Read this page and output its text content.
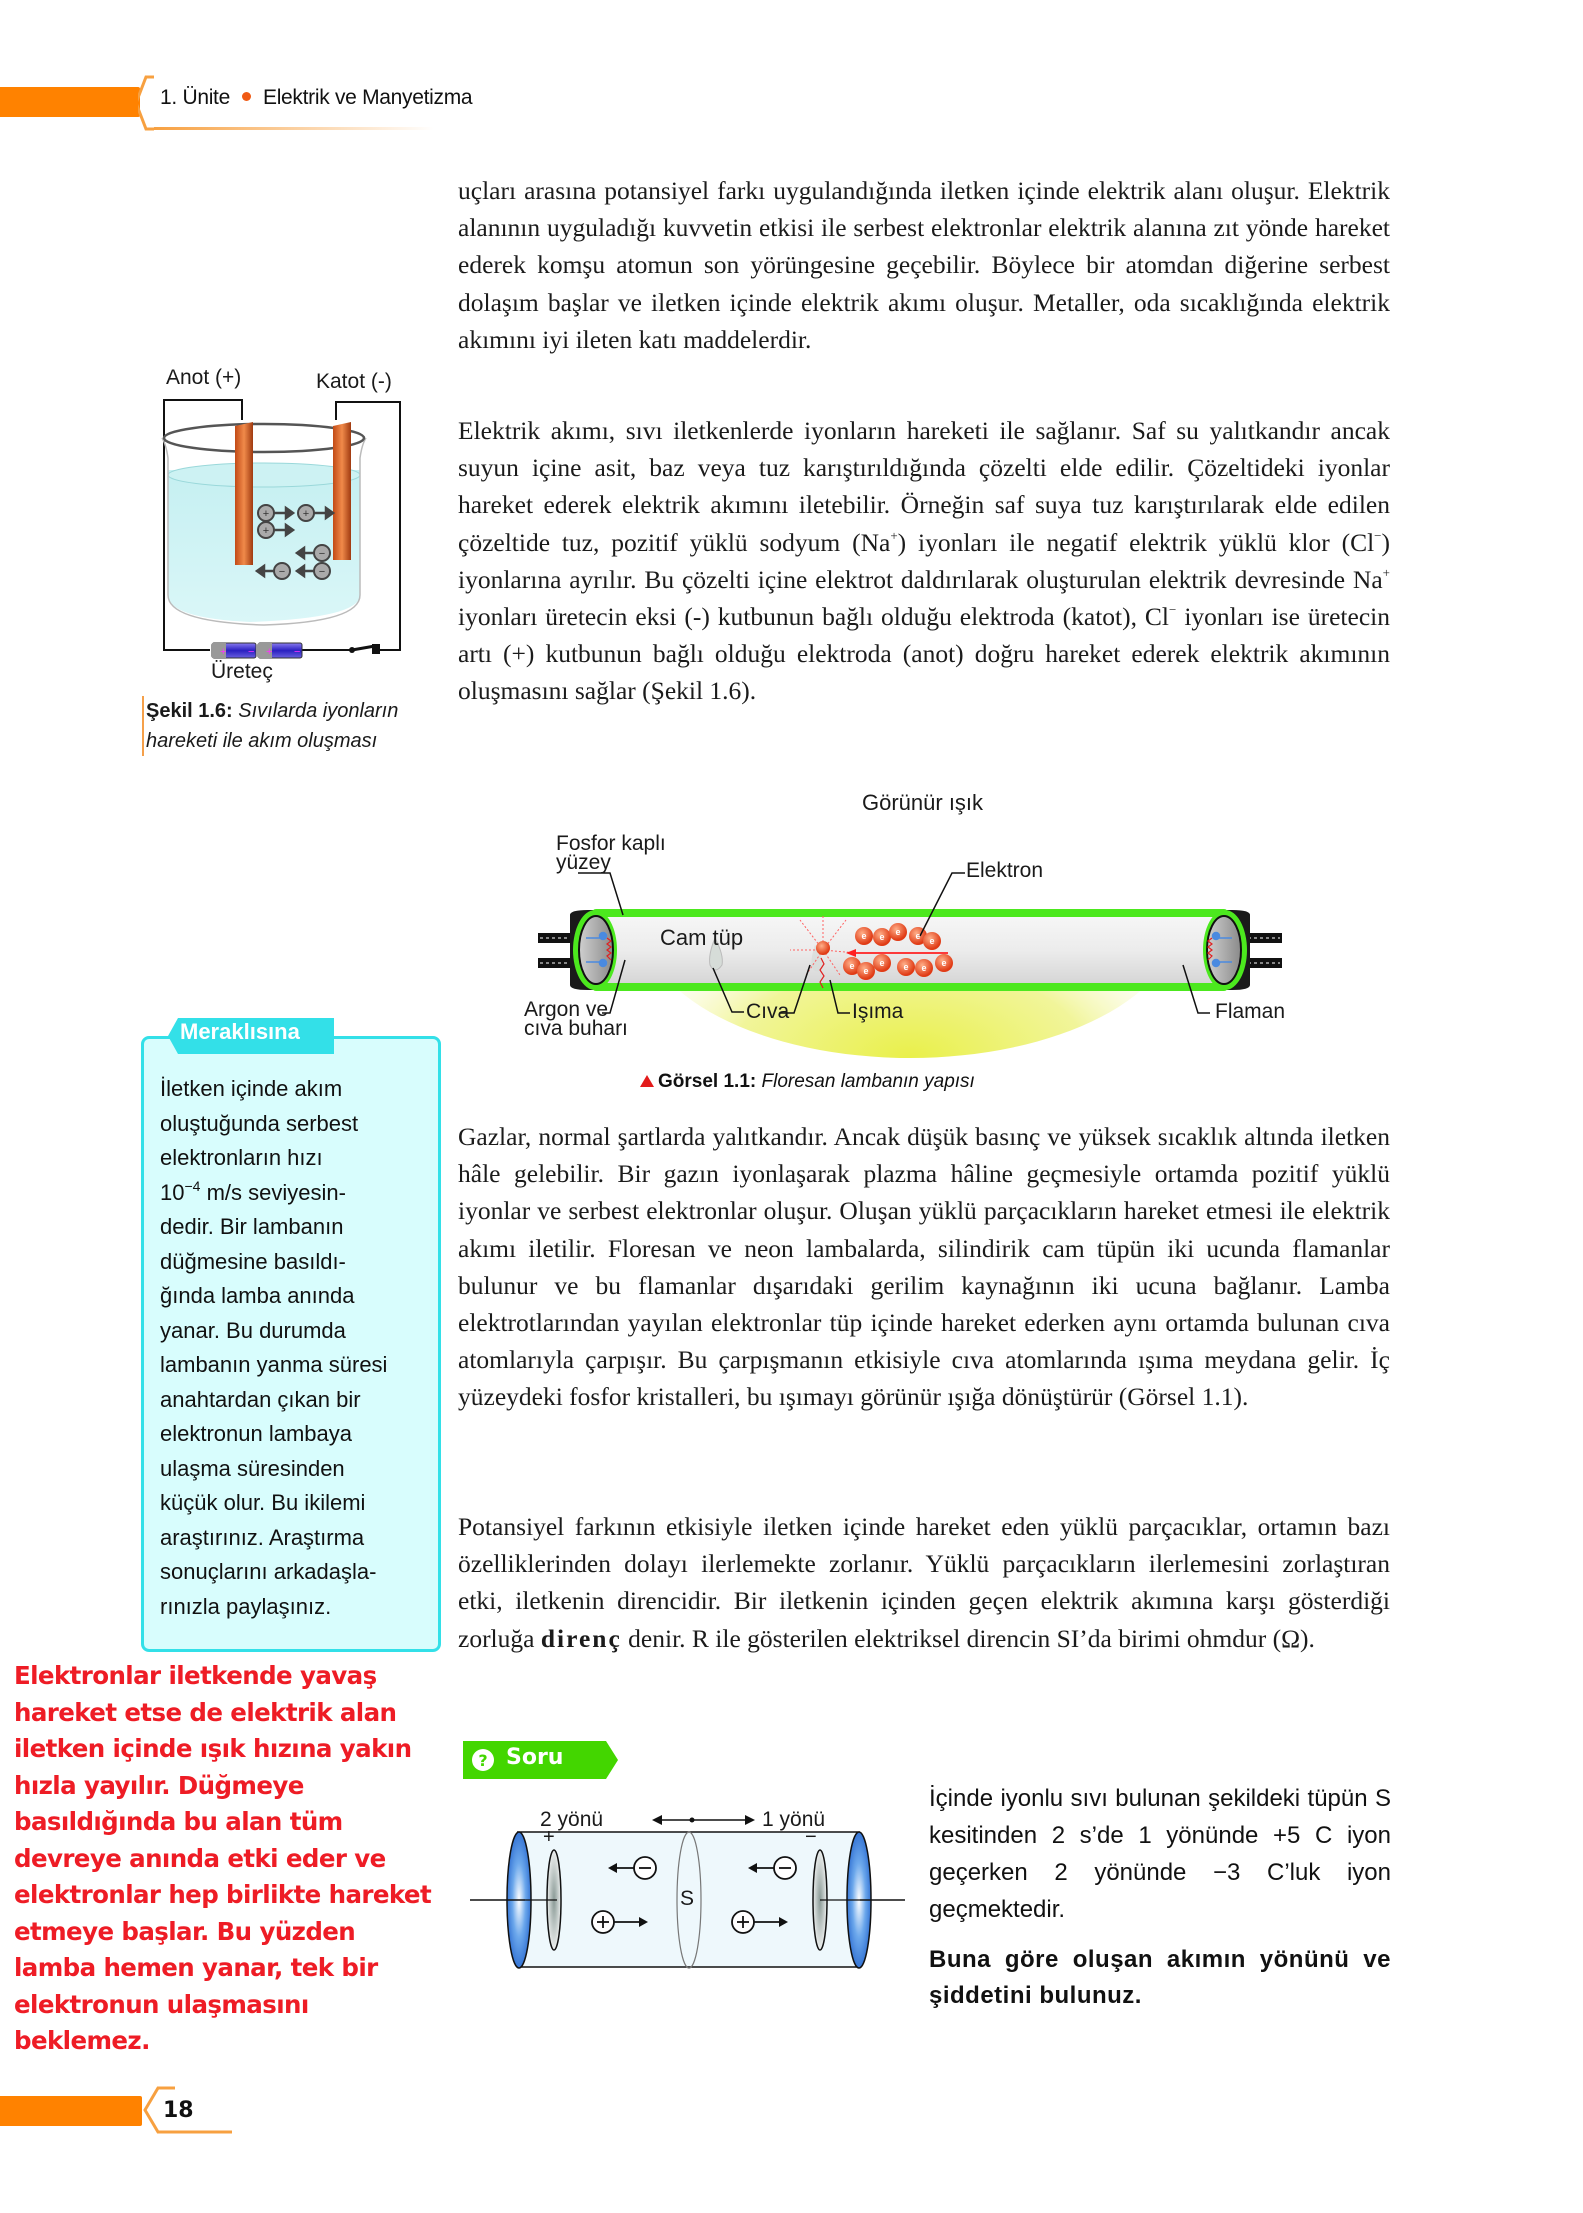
1. Ünite Elektrik ve Manyetizma

uçları arasına potansiyel farkı uygulandığında iletken içinde elektrik alanı oluşur. Elektrik alanının uyguladığı kuvvetin etkisi ile serbest elektronlar elektrik alanına zıt yönde hareket ederek komşu atomun son yörüngesine geçebilir. Böylece bir atomdan diğerine serbest dolaşım başlar ve iletken içinde elektrik akımı oluşur. Metaller, oda sıcaklığında elektrik akımını iyi ileten katı maddelerdir.

+	+
+
−
−	−
+ − + −
Anot (+)	Katot (-)
Üreteç
Şekil 1.6: Sıvılarda iyonların hareketi ile akım oluşması

Elektrik akımı, sıvı iletkenlerde iyonların hareketi ile sağlanır. Saf su yalıtkandır ancak suyun içine asit, baz veya tuz karıştırıldığında çözelti elde edilir. Çözeltideki iyonlar hareket ederek elektrik akımını iletebilir. Örneğin saf suya tuz karıştırılarak elde edilen çözeltide tuz, pozitif yüklü sodyum (Na+) iyonları ile negatif elektrik yüklü klor (Cl−) iyonlarına ayrılır. Bu çözelti içine elektrot daldırılarak oluşturulan elektrik devresinde Na+ iyonları üretecin eksi (-) kutbunun bağlı olduğu elektroda (katot), Cl− iyonları ise üretecin artı (+) kutbunun bağlı olduğu elektroda (anot) doğru hareket ederek elektrik akımının oluşmasını sağlar (Şekil 1.6).

e e e e e
e e
e e e e
Görünür ışık
Fosfor kaplı
yüzey
Cam tüp
Elektron
Argon ve
cıva buharı
Cıva	Işıma	Flaman
Görsel 1.1: Floresan lambanın yapısı
Meraklısına

İletken içinde akım

oluştuğunda serbest

elektronların hızı

$10^{-4}$ m/s seviyesin-

dedir. Bir lambanın

düğmesine basıldı-

ğında lamba anında

yanar. Bu durumda

lambanın yanma süresi

anahtardan çıkan bir

elektronun lambaya

ulaşma süresinden

küçük olur. Bu ikilemi

araştırınız. Araştırma

sonuçlarını arkadaşla-

rınızla paylaşınız.

Gazlar, normal şartlarda yalıtkandır. Ancak düşük basınç ve yüksek sıcaklık altında iletken hâle gelebilir. Bir gazın iyonlaşarak plazma hâline geçmesiyle ortamda pozitif yüklü iyonlar ve serbest elektronlar oluşur. Oluşan yüklü parçacıkların hareket etmesi ile elektrik akımı iletilir. Floresan ve neon lambalarda, silindirik cam tüpün iki ucunda flamanlar bulunur ve bu flamanlar dışarıdaki gerilim kaynağının iki ucuna bağlanır. Lamba elektrotlarından yayılan elektronlar tüp içinde hareket ederken aynı ortamda bulunan cıva atomlarıyla çarpışır. Bu çarpışmanın etkisiyle cıva atomlarında ışıma meydana gelir. İç yüzeydeki fosfor kristalleri, bu ışımayı görünür ışığa dönüştürür (Görsel 1.1).

Potansiyel farkının etkisiyle iletken içinde hareket eden yüklü parçacıklar, ortamın bazı özelliklerinden dolayı ilerlemekte zorlanır. Yüklü parçacıkların ilerlemesini zorlaştıran etki, iletkenin direncidir. Bir iletkenin içinden geçen elektrik akımına karşı gösterdiği zorluğa direnç denir. R ile gösterilen elektriksel direncin SI’da birimi ohmdur (Ω).

Elektronlar iletkende yavaş

hareket etse de elektrik alan

iletken içinde ışık hızına yakın

hızla yayılır. Düğmeye

basıldığında bu alan tüm

devreye anında etki eder ve

elektronlar hep birlikte hareket

etmeye başlar. Bu yüzden

lamba hemen yanar, tek bir

elektronun ulaşmasını

beklemez.

? Soru
2 yönü	1 yönü
+	−
S

İçinde iyonlu sıvı bulunan şekildeki tüpün S kesitinden 2 s’de 1 yönünde +5 C iyon geçerken 2 yönünde −3 C’luk iyon geçmektedir.

Buna göre oluşan akımın yönünü ve şiddetini bulunuz.

18
